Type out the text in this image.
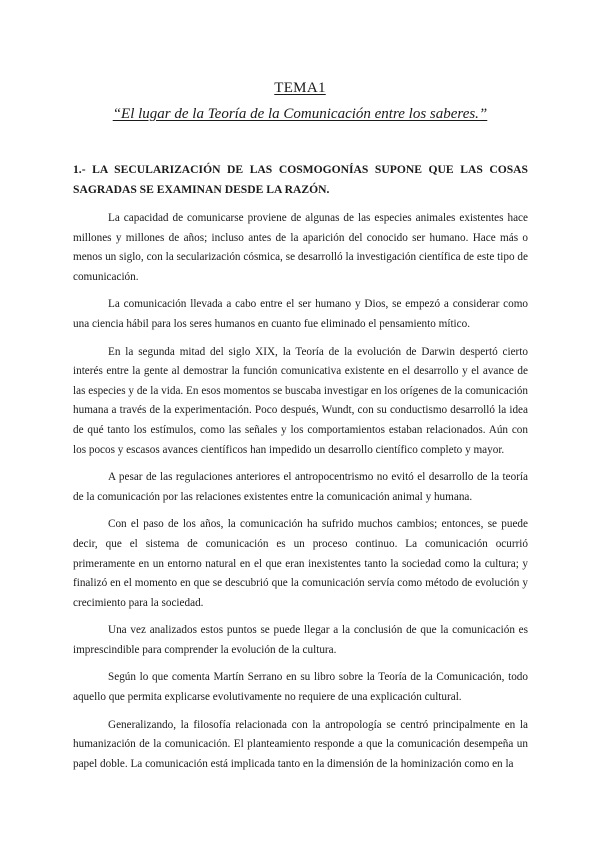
TEMA1
“El lugar de la Teoría de la Comunicación entre los saberes.”

1.- LA SECULARIZACIÓN DE LAS COSMOGONÍAS SUPONE QUE LAS COSAS SAGRADAS SE EXAMINAN DESDE LA RAZÓN.

La capacidad de comunicarse proviene de algunas de las especies animales existentes hace millones y millones de años; incluso antes de la aparición del conocido ser humano. Hace más o menos un siglo, con la secularización cósmica, se desarrolló la investigación científica de este tipo de comunicación.

La comunicación llevada a cabo entre el ser humano y Dios, se empezó a considerar como una ciencia hábil para los seres humanos en cuanto fue eliminado el pensamiento mítico.

En la segunda mitad del siglo XIX, la Teoría de la evolución de Darwin despertó cierto interés entre la gente al demostrar la función comunicativa existente en el desarrollo y el avance de las especies y de la vida. En esos momentos se buscaba investigar en los orígenes de la comunicación humana a través de la experimentación. Poco después, Wundt, con su conductismo desarrolló la idea de qué tanto los estímulos, como las señales y los comportamientos estaban relacionados. Aún con los pocos y escasos avances científicos han impedido un desarrollo científico completo y mayor.

A pesar de las regulaciones anteriores el antropocentrismo no evitó el desarrollo de la teoría de la comunicación por las relaciones existentes entre la comunicación animal y humana.

Con el paso de los años, la comunicación ha sufrido muchos cambios; entonces, se puede decir, que el sistema de comunicación es un proceso continuo. La comunicación ocurrió primeramente en un entorno natural en el que eran inexistentes tanto la sociedad como la cultura; y finalizó en el momento en que se descubrió que la comunicación servía como método de evolución y crecimiento para la sociedad.

Una vez analizados estos puntos se puede llegar a la conclusión de que la comunicación es imprescindible para comprender la evolución de la cultura.

Según lo que comenta Martín Serrano en su libro sobre la Teoría de la Comunicación, todo aquello que permita explicarse evolutivamente no requiere de una explicación cultural.

Generalizando, la filosofía relacionada con la antropología se centró principalmente en la humanización de la comunicación. El planteamiento responde a que la comunicación desempeña un papel doble. La comunicación está implicada tanto en la dimensión de la hominización como en la
